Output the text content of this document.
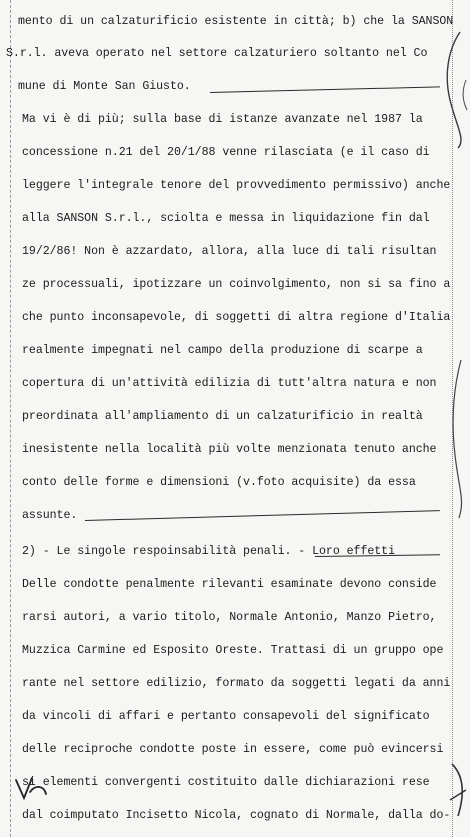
mento di un calzaturificio esistente in città; b) che la SANSON
S.r.l. aveva operato nel settore calzaturiero soltanto nel Co
mune di Monte San Giusto.
Ma vi è di più; sulla base di istanze avanzate nel 1987 la
concessione n.21 del 20/1/88 venne rilasciata (e il caso di
leggere l'integrale tenore del provvedimento permissivo) anche
alla SANSON S.r.l., sciolta e messa in liquidazione fin dal
19/2/86! Non è azzardato, allora, alla luce di tali risultan
ze processuali, ipotizzare un coinvolgimento, non si sa fino a
che punto inconsapevole, di soggetti di altra regione d'Italia
realmente impegnati nel campo della produzione di scarpe a
copertura di un'attività edilizia di tutt'altra natura e non
preordinata all'ampliamento di un calzaturificio in realtà
inesistente nella località più volte menzionata tenuto anche
conto delle forme e dimensioni (v.foto acquisite) da essa
assunte.
2) - Le singole respoinsabilità penali. - Loro effetti
Delle condotte penalmente rilevanti esaminate devono conside
rarsi autori, a vario titolo, Normale Antonio, Manzo Pietro,
Muzzica Carmine ed Esposito Oreste. Trattasi di un gruppo ope
rante nel settore edilizio, formato da soggetti legati da anni
da vincoli di affari e pertanto consapevoli del significato
delle reciproche condotte poste in essere, come può evincersi
si elementi convergenti costituito dalle dichiarazioni rese
dal coimputato Incisetto Nicola, cognato di Normale, dalla do-
